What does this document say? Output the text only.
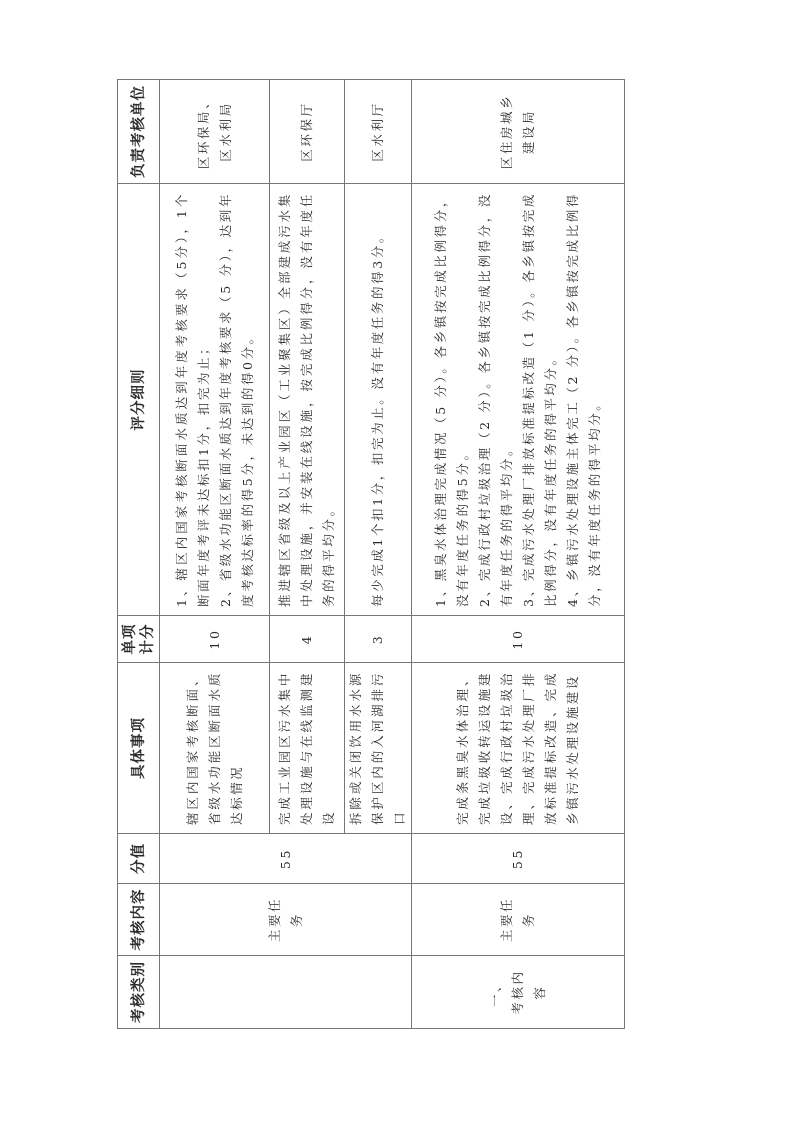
考核类别	考核内容	分值	具体事项	单项计分	评分细则	负责考核单位
	主要任务	55	辖区内国家考核断面、省级水功能区断面水质达标情况	10	1、辖区内国家考核断面水质达到年度考核要求（5分），1个断面年度考评未达标扣1分，扣完为止； 2、省级水功能区断面水质达到年度考核要求（5 分），达到年度考核达标率的得5分，未达到的得0分。	区环保局、区水利局
			完成工业园区污水集中处理设施与在线监测建设	4	推进辖区省级及以上产业园区（工业聚集区）全部建成污水集中处理设施，并安装在线设施，按完成比例得分，没有年度任务的得平均分。	区环保厅
			拆除或关闭饮用水水源保护区内的入河湖排污口	3	每少完成1个扣1分，扣完为止。没有年度任务的得3分。	区水利厅

一、 考核内容	主要任务	55	完成条黑臭水体治理、完成垃圾收转运设施建设、完成行政村垃圾治理、完成污水处理厂排放标准提标改造、完成乡镇污水处理设施建设	10	1、黑臭水体治理完成情况（5 分）。各乡镇按完成比例得分，没有年度任务的得5分。 2、完成行政村垃圾治理（2 分）。各乡镇按完成比例得分，没有年度任务的得平均分。 3、完成污水处理厂排放标准提标改造（1 分）。各乡镇按完成比例得分，没有年度任务的得平均分。 4、乡镇污水处理设施主体完工（2 分）。各乡镇按完成比例得分，没有年度任务的得平均分。	区住房城乡建设局
